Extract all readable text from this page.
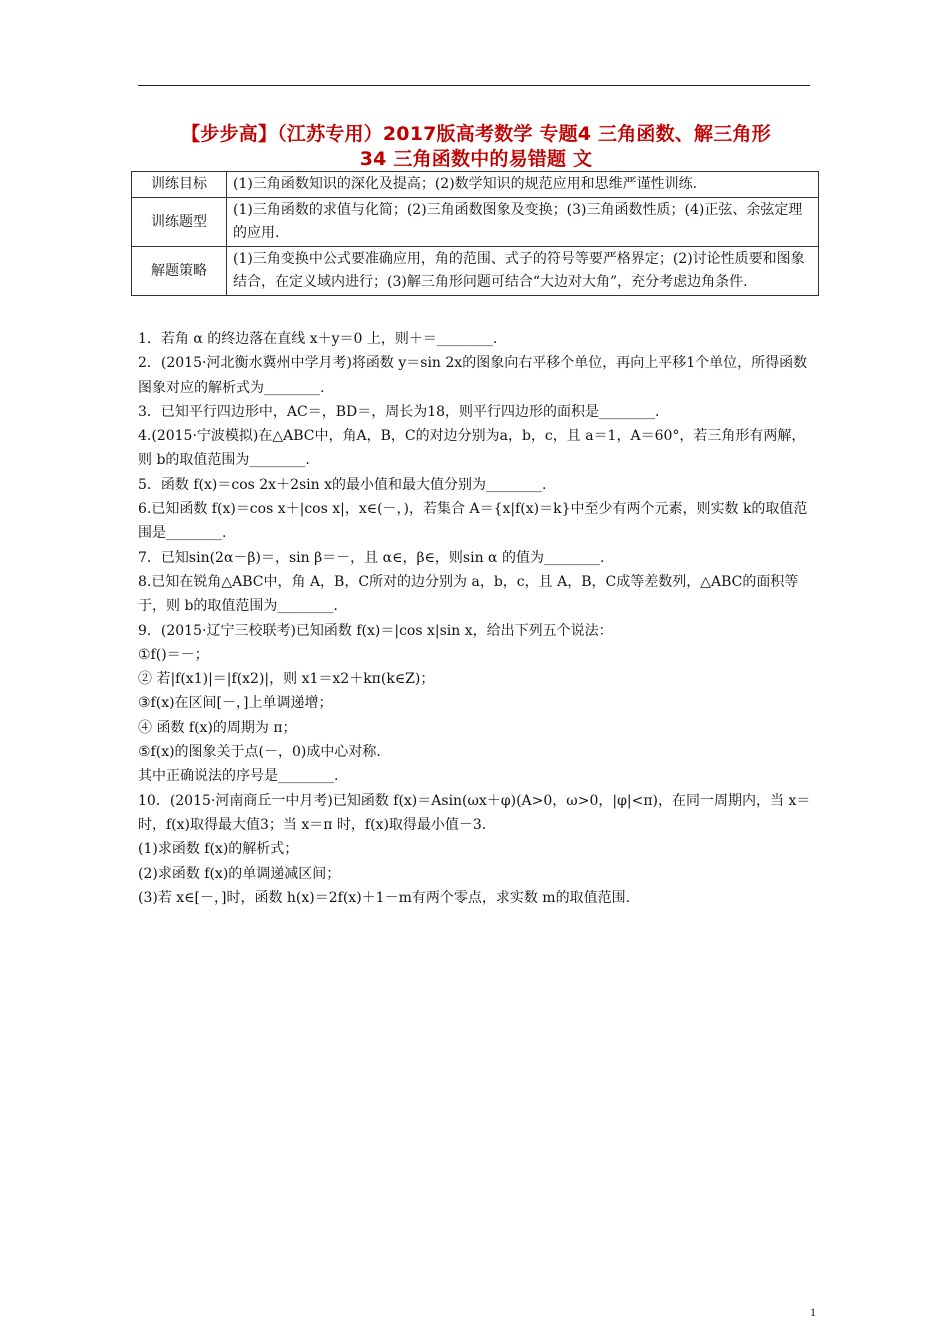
【步步高】（江苏专用）2017版高考数学 专题4 三角函数、解三角形
34 三角函数中的易错题 文
训练目标	(1)三角函数知识的深化及提高；(2)数学知识的规范应用和思维严谨性训练.
训练题型	(1)三角函数的求值与化简；(2)三角函数图象及变换；(3)三角函数性质；(4)正弦、余弦定理的应用.
解题策略	(1)三角变换中公式要准确应用，角的范围、式子的符号等要严格界定；(2)讨论性质要和图象结合，在定义域内进行；(3)解三角形问题可结合“大边对大角”，充分考虑边角条件.

1．若角 α 的终边落在直线 x＋y＝0 上，则＋＝________.

2．(2015·河北衡水冀州中学月考)将函数 y＝sin 2x的图象向右平移个单位，再向上平移1个单位，所得函数图象对应的解析式为________.

3．已知平行四边形中，AC＝，BD＝，周长为18，则平行四边形的面积是________.

4.(2015·宁波模拟)在△ABC中，角A，B，C的对边分别为a，b，c，且 a＝1，A＝60°，若三角形有两解，则 b的取值范围为________.

5．函数 f(x)＝cos 2x＋2sin x的最小值和最大值分别为________.

6.已知函数 f(x)＝cos x＋|cos x|，x∈(－，)，若集合 A＝{x|f(x)＝k}中至少有两个元素，则实数 k的取值范围是________.

7．已知sin(2α－β)＝，sin β＝－，且 α∈，β∈，则sin α 的值为________.

8.已知在锐角△ABC中，角 A，B，C所对的边分别为 a，b，c，且 A，B，C成等差数列，△ABC的面积等于，则 b的取值范围为________.

9．(2015·辽宁三校联考)已知函数 f(x)＝|cos x|sin x，给出下列五个说法：

①f()＝－；

② 若|f(x1)|＝|f(x2)|，则 x1＝x2＋kπ(k∈Z)；

③f(x)在区间[－，]上单调递增；

④ 函数 f(x)的周期为 π；

⑤f(x)的图象关于点(－，0)成中心对称.

其中正确说法的序号是________.

10．(2015·河南商丘一中月考)已知函数 f(x)＝Asin(ωx＋φ)(A>0，ω>0，|φ|<π)，在同一周期内，当 x＝时，f(x)取得最大值3；当 x＝π 时，f(x)取得最小值－3.

(1)求函数 f(x)的解析式；

(2)求函数 f(x)的单调递减区间；

(3)若 x∈[－，]时，函数 h(x)＝2f(x)＋1－m有两个零点，求实数 m的取值范围.

1
